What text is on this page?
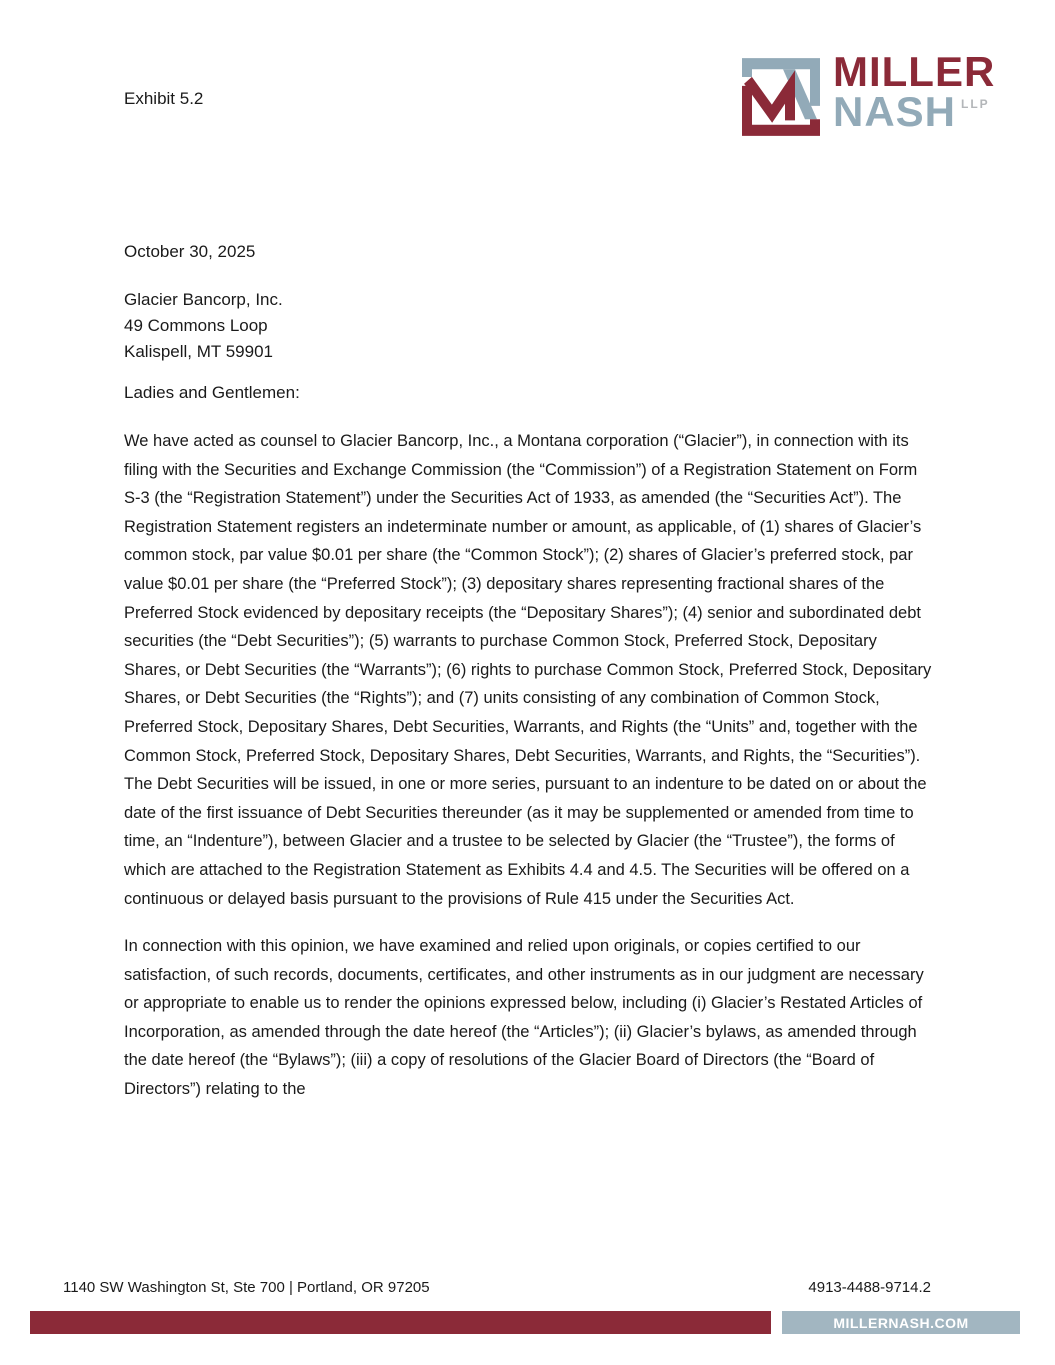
Exhibit 5.2
MILLER
NASH $^{LLP}$
October 30, 2025
Glacier Bancorp, Inc.
49 Commons Loop
Kalispell, MT 59901
Ladies and Gentlemen:

We have acted as counsel to Glacier Bancorp, Inc., a Montana corporation (“Glacier”), in connection with its filing with the Securities and Exchange Commission (the “Commission”) of a Registration Statement on Form S-3 (the “Registration Statement”) under the Securities Act of 1933, as amended (the “Securities Act”). The Registration Statement registers an indeterminate number or amount, as applicable, of (1) shares of Glacier’s common stock, par value $0.01 per share (the “Common Stock”); (2) shares of Glacier’s preferred stock, par value $0.01 per share (the “Preferred Stock”); (3) depositary shares representing fractional shares of the Preferred Stock evidenced by depositary receipts (the “Depositary Shares”); (4) senior and subordinated debt securities (the “Debt Securities”); (5) warrants to purchase Common Stock, Preferred Stock, Depositary Shares, or Debt Securities (the “Warrants”); (6) rights to purchase Common Stock, Preferred Stock, Depositary Shares, or Debt Securities (the “Rights”); and (7) units consisting of any combination of Common Stock, Preferred Stock, Depositary Shares, Debt Securities, Warrants, and Rights (the “Units” and, together with the Common Stock, Preferred Stock, Depositary Shares, Debt Securities, Warrants, and Rights, the “Securities”). The Debt Securities will be issued, in one or more series, pursuant to an indenture to be dated on or about the date of the first issuance of Debt Securities thereunder (as it may be supplemented or amended from time to time, an “Indenture”), between Glacier and a trustee to be selected by Glacier (the “Trustee”), the forms of which are attached to the Registration Statement as Exhibits 4.4 and 4.5. The Securities will be offered on a continuous or delayed basis pursuant to the provisions of Rule 415 under the Securities Act.

In connection with this opinion, we have examined and relied upon originals, or copies certified to our satisfaction, of such records, documents, certificates, and other instruments as in our judgment are necessary or appropriate to enable us to render the opinions expressed below, including (i) Glacier’s Restated Articles of Incorporation, as amended through the date hereof (the “Articles”); (ii) Glacier’s bylaws, as amended through the date hereof (the “Bylaws”); (iii) a copy of resolutions of the Glacier Board of Directors (the “Board of Directors”) relating to the

1140 SW Washington St, Ste 700 | Portland, OR 97205	4913-4488-9714.2
MILLERNASH.COM
